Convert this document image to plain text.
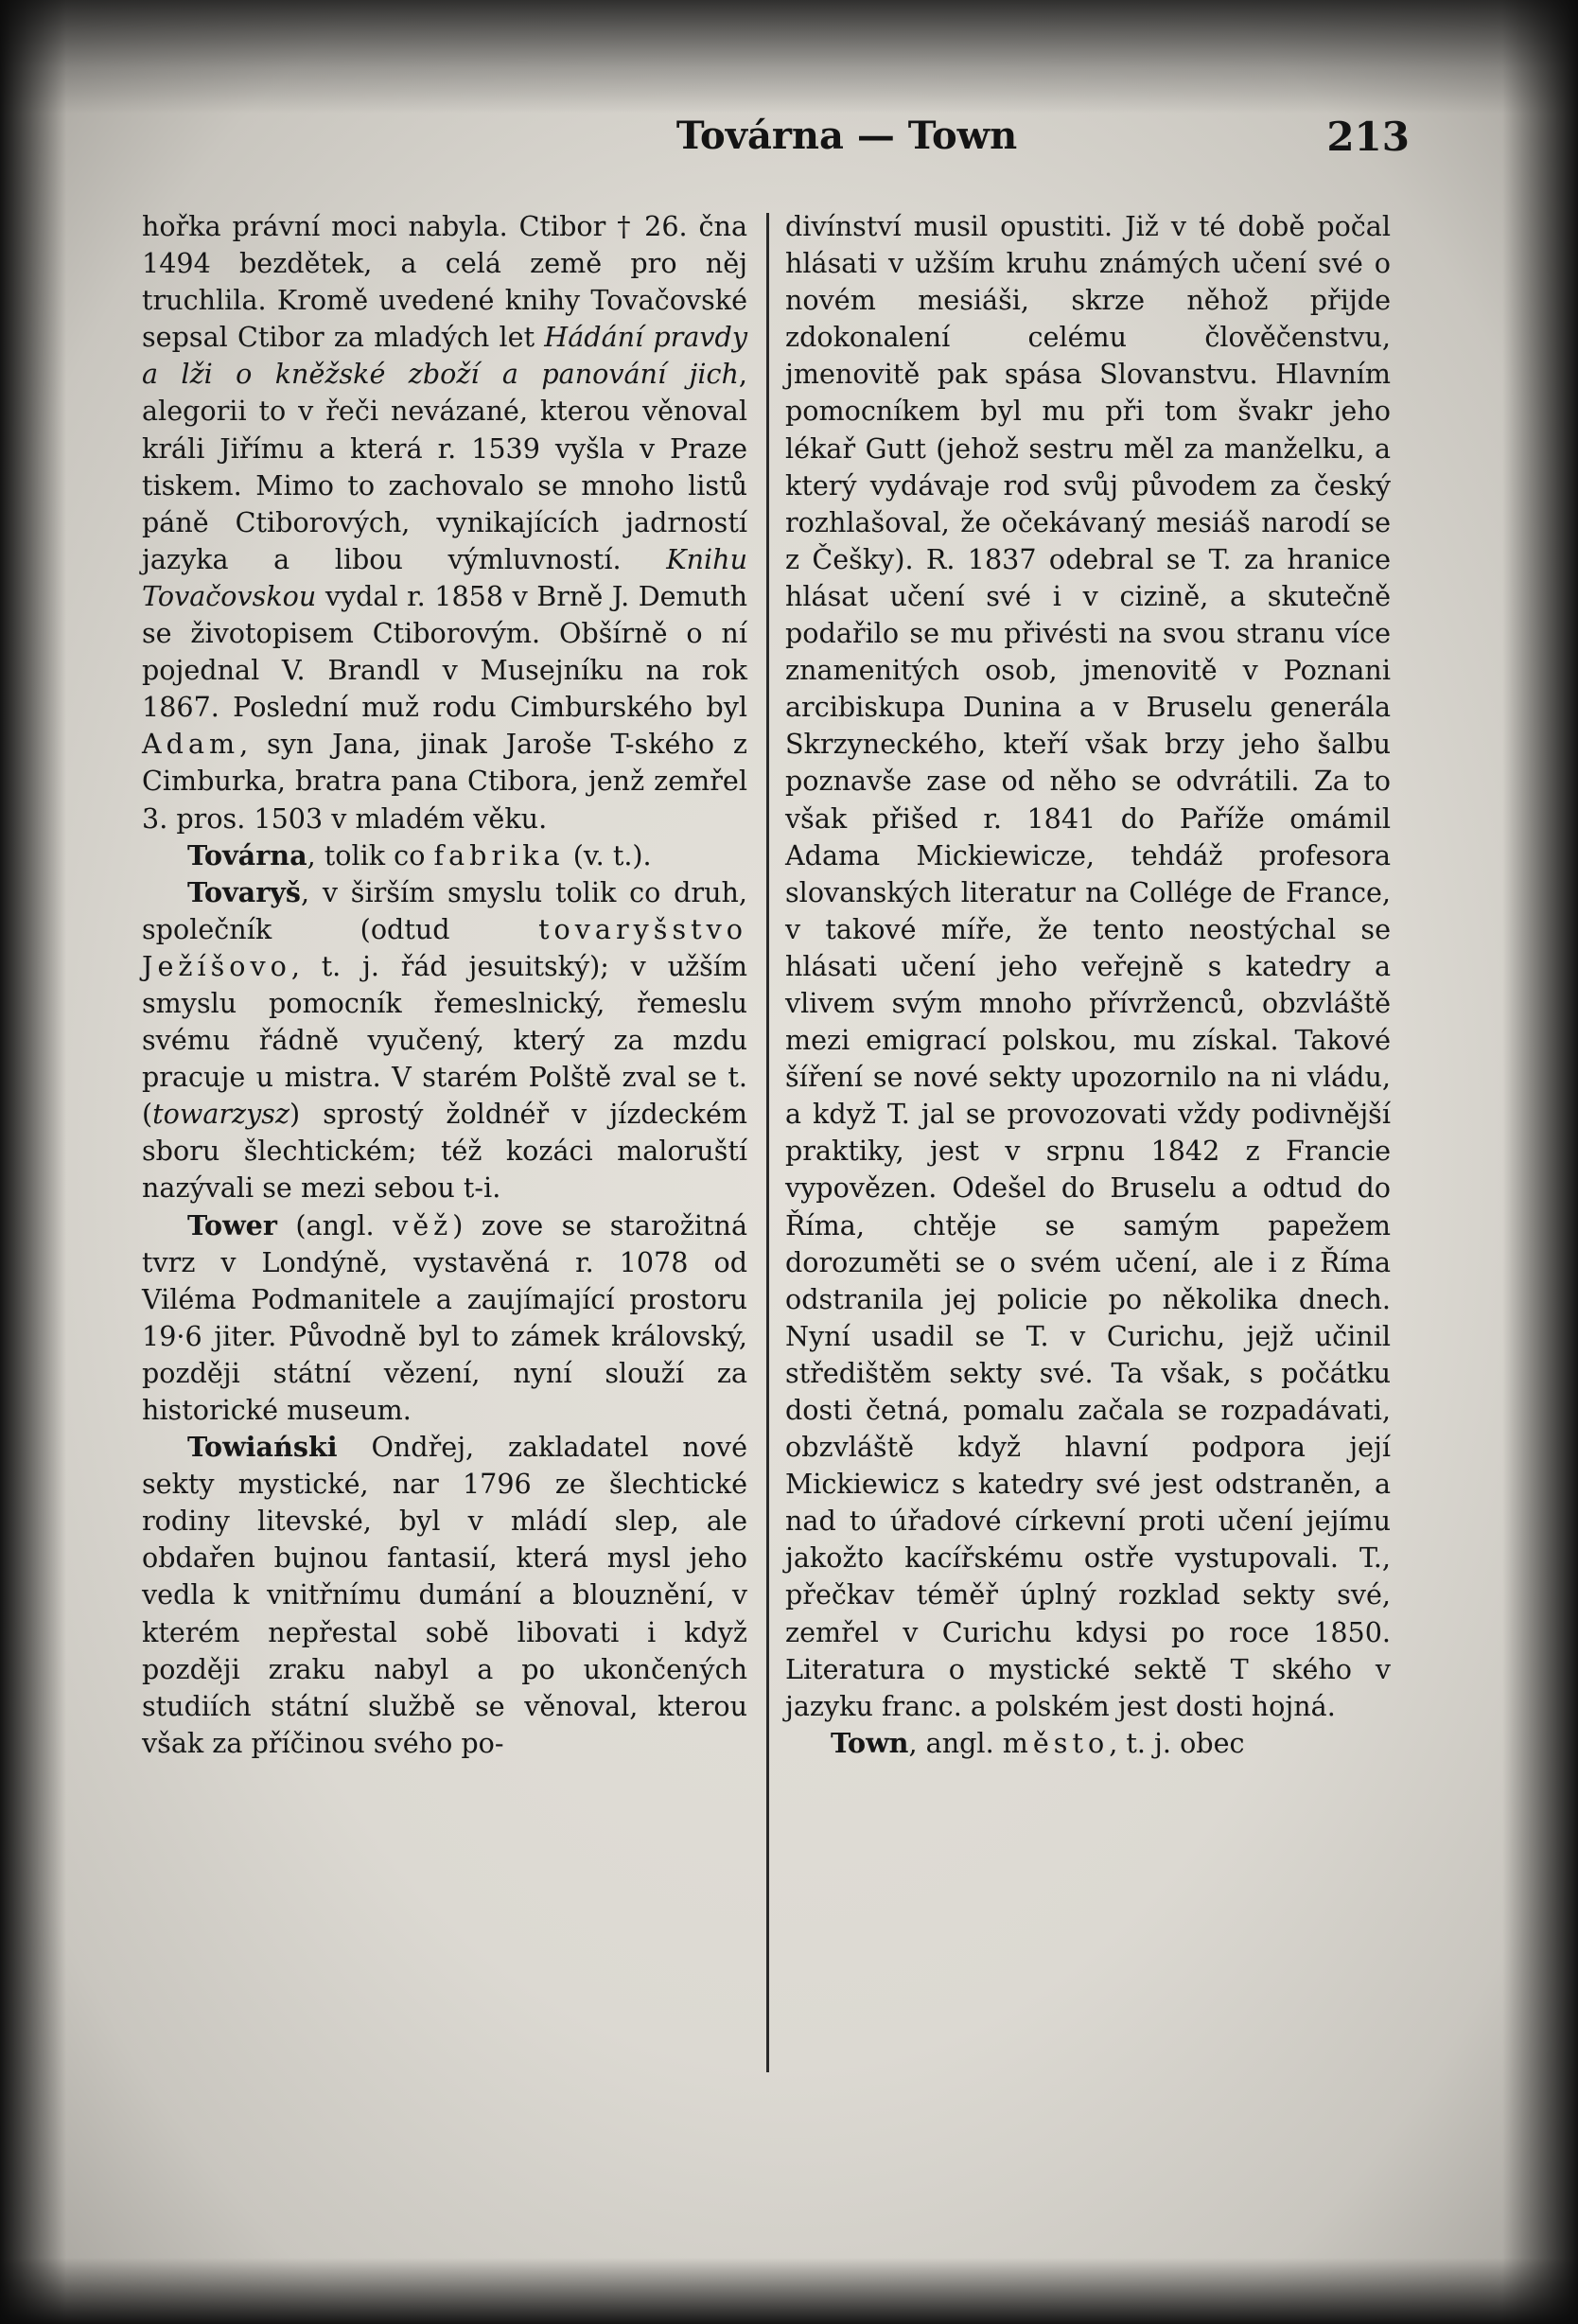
Továrna — Town	213

hořka právní moci nabyla. Ctibor † 26. čna 1494 bezdětek, a celá země pro něj truchlila. Kromě uvedené knihy Tovačovské sepsal Ctibor za mladých let Hádání pravdy a lži o kněžské zboží a panování jich, alegorii to v řeči nevázané, kterou věnoval králi Jiřímu a která r. 1539 vyšla v Praze tiskem. Mimo to zachovalo se mnoho listů páně Ctiborových, vynikajících jadrností jazyka a libou výmluvností. Knihu Tovačovskou vydal r. 1858 v Brně J. Demuth se životopisem Ctiborovým. Obšírně o ní pojednal V. Brandl v Musejníku na rok 1867. Poslední muž rodu Cimburského byl Adam, syn Jana, jinak Jaroše T-ského z Cimburka, bratra pana Ctibora, jenž zemřel 3. pros. 1503 v mladém věku.

Továrna, tolik co fabrika (v. t.).

Tovaryš, v širším smyslu tolik co druh, společník (odtud tovaryšstvo Ježíšovo, t. j. řád jesuitský); v užším smyslu pomocník řemeslnický, řemeslu svému řádně vyučený, který za mzdu pracuje u mistra. V starém Polště zval se t. (towarzysz) sprostý žoldnéř v jízdeckém sboru šlechtickém; též kozáci maloruští nazývali se mezi sebou t-i.

Tower (angl. věž) zove se starožitná tvrz v Londýně, vystavěná r. 1078 od Viléma Podmanitele a zaujímající prostoru 19·6 jiter. Původně byl to zámek královský, později státní vězení, nyní slouží za historické museum.

Towiański Ondřej, zakladatel nové sekty mystické, nar 1796 ze šlechtické rodiny litevské, byl v mládí slep, ale obdařen bujnou fantasií, která mysl jeho vedla k vnitřnímu dumání a blouznění, v kterém nepřestal sobě libovati i když později zraku nabyl a po ukončených studiích státní službě se věnoval, kterou však za příčinou svého po-

divínství musil opustiti. Již v té době počal hlásati v užším kruhu známých učení své o novém mesiáši, skrze něhož přijde zdokonalení celému člověčenstvu, jmenovitě pak spása Slovanstvu. Hlavním pomocníkem byl mu při tom švakr jeho lékař Gutt (jehož sestru měl za manželku, a který vydávaje rod svůj původem za český rozhlašoval, že očekávaný mesiáš narodí se z Češky). R. 1837 odebral se T. za hranice hlásat učení své i v cizině, a skutečně podařilo se mu přivésti na svou stranu více znamenitých osob, jmenovitě v Poznani arcibiskupa Dunina a v Bruselu generála Skrzyneckého, kteří však brzy jeho šalbu poznavše zase od něho se odvrátili. Za to však přišed r. 1841 do Paříže omámil Adama Mickiewicze, tehdáž profesora slovanských literatur na Collége de France, v takové míře, že tento neostýchal se hlásati učení jeho veřejně s katedry a vlivem svým mnoho přívrženců, obzvláště mezi emigrací polskou, mu získal. Takové šíření se nové sekty upozornilo na ni vládu, a když T. jal se provozovati vždy podivnější praktiky, jest v srpnu 1842 z Francie vypovězen. Odešel do Bruselu a odtud do Říma, chtěje se samým papežem dorozuměti se o svém učení, ale i z Říma odstranila jej policie po několika dnech. Nyní usadil se T. v Curichu, jejž učinil středištěm sekty své. Ta však, s počátku dosti četná, pomalu začala se rozpadávati, obzvláště když hlavní podpora její Mickiewicz s katedry své jest odstraněn, a nad to úřadové církevní proti učení jejímu jakožto kacířskému ostře vystupovali. T., přečkav téměř úplný rozklad sekty své, zemřel v Curichu kdysi po roce 1850. Literatura o mystické sektě T ského v jazyku franc. a polském jest dosti hojná.

Town, angl. město, t. j. obec
